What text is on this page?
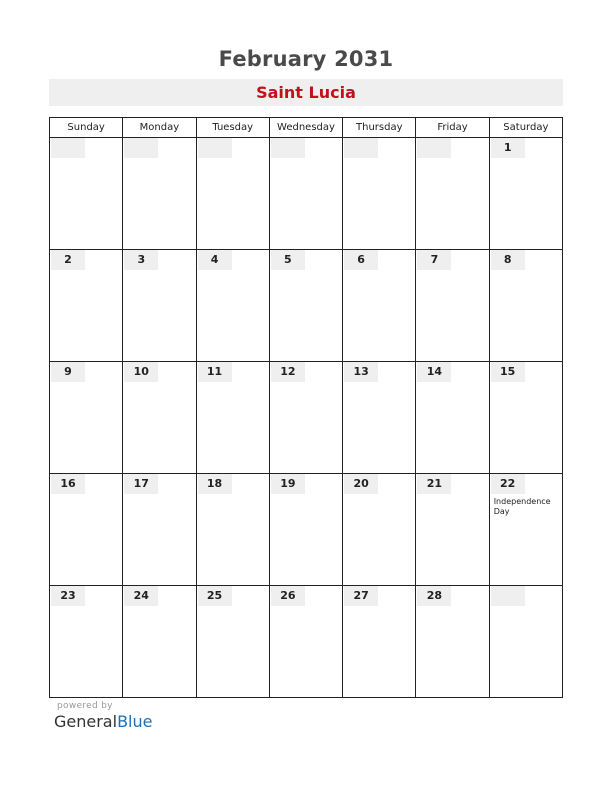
February 2031
Saint Lucia
Sunday	Monday	Tuesday	Wednesday	Thursday	Friday	Saturday

						1

2	3	4	5	6	7	8

9	10	11	12	13	14	15

16	17	18	19	20	21	22
Independence Day

23	24	25	26	27	28	

powered by
GeneralBlue
